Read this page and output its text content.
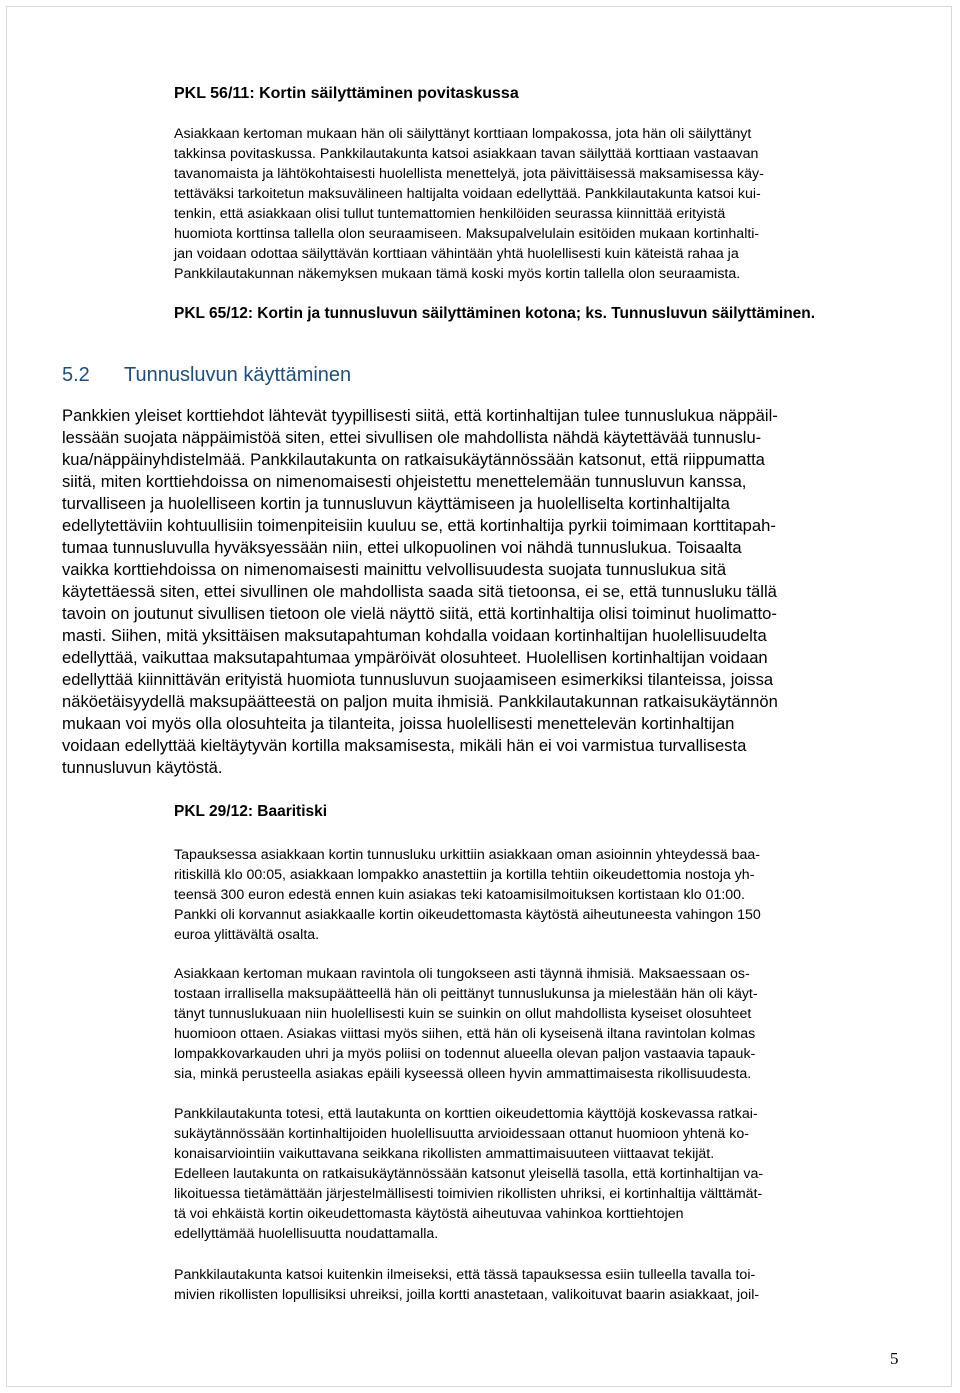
PKL 56/11: Kortin säilyttäminen povitaskussa
Asiakkaan kertoman mukaan hän oli säilyttänyt korttiaan lompakossa, jota hän oli säilyttänyt
takkinsa povitaskussa. Pankkilautakunta katsoi asiakkaan tavan säilyttää korttiaan vastaavan
tavanomaista ja lähtökohtaisesti huolellista menettelyä, jota päivittäisessä maksamisessa käy-
tettäväksi tarkoitetun maksuvälineen haltijalta voidaan edellyttää. Pankkilautakunta katsoi kui-
tenkin, että asiakkaan olisi tullut tuntemattomien henkilöiden seurassa kiinnittää erityistä
huomiota korttinsa tallella olon seuraamiseen. Maksupalvelulain esitöiden mukaan kortinhalti-
jan voidaan odottaa säilyttävän korttiaan vähintään yhtä huolellisesti kuin käteistä rahaa ja
Pankkilautakunnan näkemyksen mukaan tämä koski myös kortin tallella olon seuraamista.
PKL 65/12: Kortin ja tunnusluvun säilyttäminen kotona; ks. Tunnusluvun säilyttäminen.
5.2 Tunnusluvun käyttäminen
Pankkien yleiset korttiehdot lähtevät tyypillisesti siitä, että kortinhaltijan tulee tunnuslukua näppäil-
lessään suojata näppäimistöä siten, ettei sivullisen ole mahdollista nähdä käytettävää tunnuslu-
kua/näppäinyhdistelmää. Pankkilautakunta on ratkaisukäytännössään katsonut, että riippumatta
siitä, miten korttiehdoissa on nimenomaisesti ohjeistettu menettelemään tunnusluvun kanssa,
turvalliseen ja huolelliseen kortin ja tunnusluvun käyttämiseen ja huolelliselta kortinhaltijalta
edellytettäviin kohtuullisiin toimenpiteisiin kuuluu se, että kortinhaltija pyrkii toimimaan korttitapah-
tumaa tunnusluvulla hyväksyessään niin, ettei ulkopuolinen voi nähdä tunnuslukua. Toisaalta
vaikka korttiehdoissa on nimenomaisesti mainittu velvollisuudesta suojata tunnuslukua sitä
käytettäessä siten, ettei sivullinen ole mahdollista saada sitä tietoonsa, ei se, että tunnusluku tällä
tavoin on joutunut sivullisen tietoon ole vielä näyttö siitä, että kortinhaltija olisi toiminut huolimatto-
masti. Siihen, mitä yksittäisen maksutapahtuman kohdalla voidaan kortinhaltijan huolellisuudelta
edellyttää, vaikuttaa maksutapahtumaa ympäröivät olosuhteet. Huolellisen kortinhaltijan voidaan
edellyttää kiinnittävän erityistä huomiota tunnusluvun suojaamiseen esimerkiksi tilanteissa, joissa
näköetäisyydellä maksupäätteestä on paljon muita ihmisiä. Pankkilautakunnan ratkaisukäytännön
mukaan voi myös olla olosuhteita ja tilanteita, joissa huolellisesti menettelevän kortinhaltijan
voidaan edellyttää kieltäytyvän kortilla maksamisesta, mikäli hän ei voi varmistua turvallisesta
tunnusluvun käytöstä.
PKL 29/12: Baaritiski
Tapauksessa asiakkaan kortin tunnusluku urkittiin asiakkaan oman asioinnin yhteydessä baa-
ritiskillä klo 00:05, asiakkaan lompakko anastettiin ja kortilla tehtiin oikeudettomia nostoja yh-
teensä 300 euron edestä ennen kuin asiakas teki katoamisilmoituksen kortistaan klo 01:00.
Pankki oli korvannut asiakkaalle kortin oikeudettomasta käytöstä aiheutuneesta vahingon 150
euroa ylittävältä osalta.
Asiakkaan kertoman mukaan ravintola oli tungokseen asti täynnä ihmisiä. Maksaessaan os-
tostaan irrallisella maksupäätteellä hän oli peittänyt tunnuslukunsa ja mielestään hän oli käyt-
tänyt tunnuslukuaan niin huolellisesti kuin se suinkin on ollut mahdollista kyseiset olosuhteet
huomioon ottaen. Asiakas viittasi myös siihen, että hän oli kyseisenä iltana ravintolan kolmas
lompakkovarkauden uhri ja myös poliisi on todennut alueella olevan paljon vastaavia tapauk-
sia, minkä perusteella asiakas epäili kyseessä olleen hyvin ammattimaisesta rikollisuudesta.
Pankkilautakunta totesi, että lautakunta on korttien oikeudettomia käyttöjä koskevassa ratkai-
sukäytännössään kortinhaltijoiden huolellisuutta arvioidessaan ottanut huomioon yhtenä ko-
konaisarviointiin vaikuttavana seikkana rikollisten ammattimaisuuteen viittaavat tekijät.
Edelleen lautakunta on ratkaisukäytännössään katsonut yleisellä tasolla, että kortinhaltijan va-
likoituessa tietämättään järjestelmällisesti toimivien rikollisten uhriksi, ei kortinhaltija välttämät-
tä voi ehkäistä kortin oikeudettomasta käytöstä aiheutuvaa vahinkoa korttiehtojen
edellyttämää huolellisuutta noudattamalla.
Pankkilautakunta katsoi kuitenkin ilmeiseksi, että tässä tapauksessa esiin tulleella tavalla toi-
mivien rikollisten lopullisiksi uhreiksi, joilla kortti anastetaan, valikoituvat baarin asiakkaat, joil-
5
